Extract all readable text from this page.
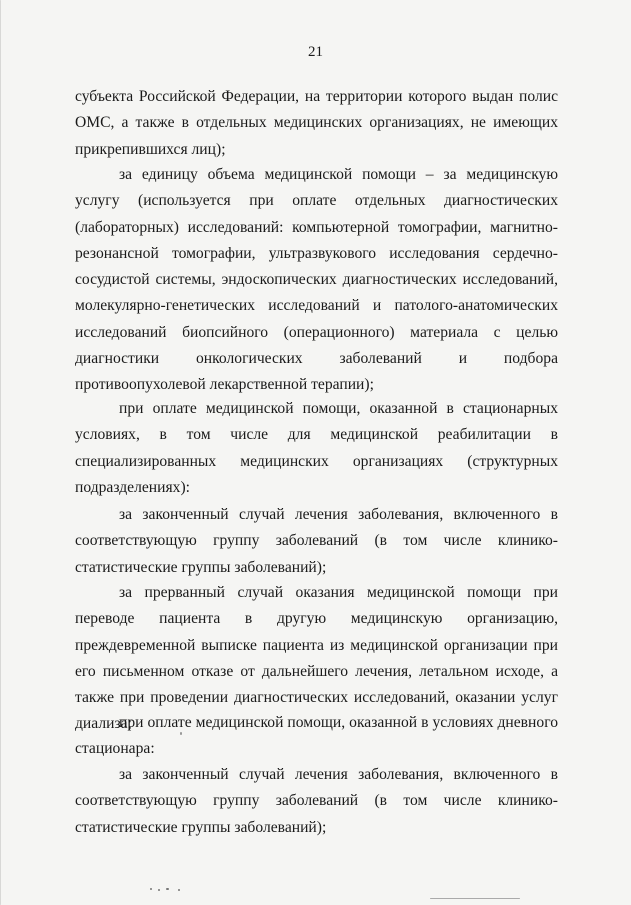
21

субъекта Российской Федерации, на территории которого выдан полис ОМС, а также в отдельных медицинских организациях, не имеющих прикрепившихся лиц);

за единицу объема медицинской помощи – за медицинскую услугу (используется при оплате отдельных диагностических (лабораторных) исследований: компьютерной томографии, магнитно-резонансной томографии, ультразвукового исследования сердечно-сосудистой системы, эндоскопических диагностических исследований, молекулярно-генетических исследований и патолого-анатомических исследований биопсийного (операционного) материала с целью диагностики онкологических заболеваний и подбора противоопухолевой лекарственной терапии);

при оплате медицинской помощи, оказанной в стационарных условиях, в том числе для медицинской реабилитации в специализированных медицинских организациях (структурных подразделениях):

за законченный случай лечения заболевания, включенного в соответствующую группу заболеваний (в том числе клинико-статистические группы заболеваний);

за прерванный случай оказания медицинской помощи при переводе пациента в другую медицинскую организацию, преждевременной выписке пациента из медицинской организации при его письменном отказе от дальнейшего лечения, летальном исходе, а также при проведении диагностических исследований, оказании услуг диализа;

при оплате медицинской помощи, оказанной в условиях дневного стационара:

за законченный случай лечения заболевания, включенного в соответствующую группу заболеваний (в том числе клинико-статистические группы заболеваний);
